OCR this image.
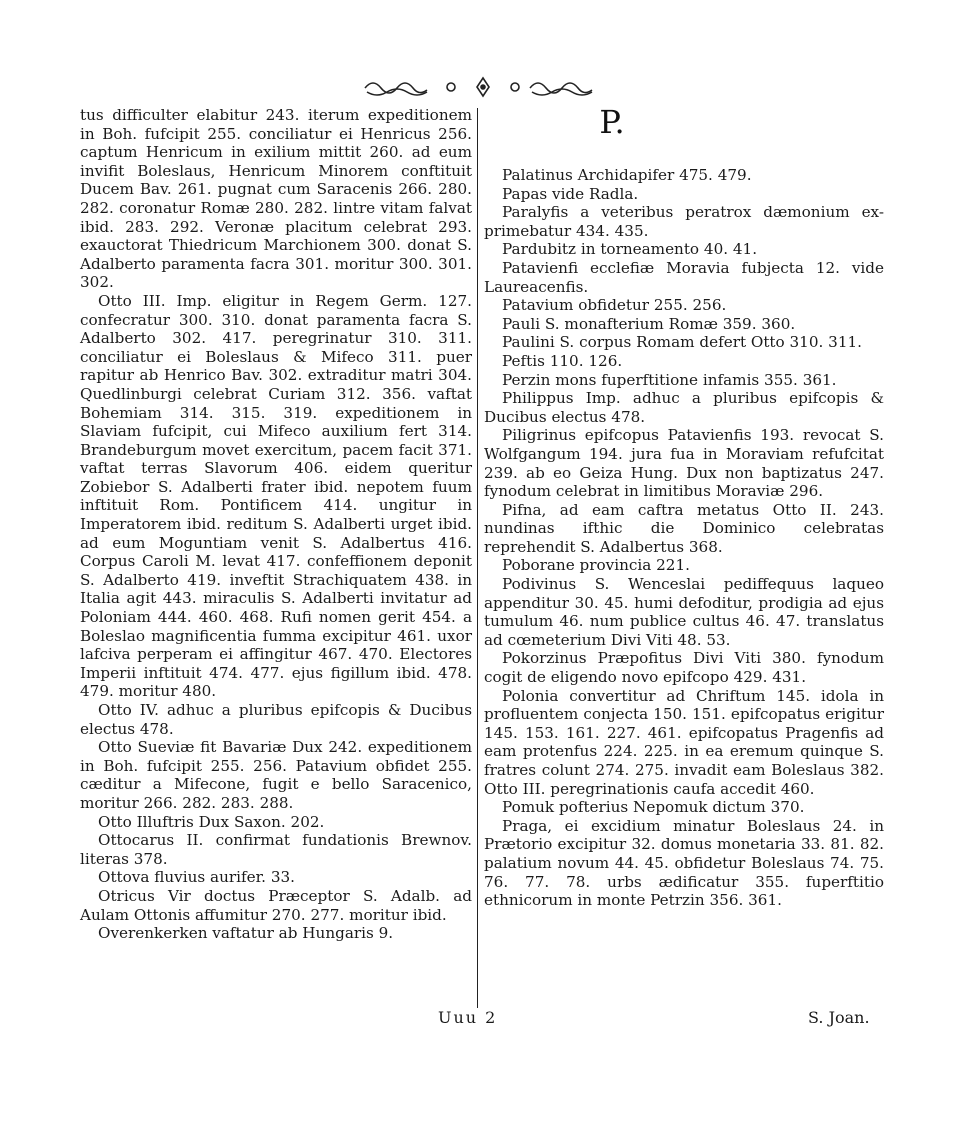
P.

tus difficulter elabitur 243. iterum expeditionem in Boh. fufcipit 255. conciliatur ei Henricus 256. captum Henricum in exilium mittit 260. ad eum invifit Boleslaus, Henricum Minorem conftituit Ducem Bav. 261. pugnat cum Saracenis 266. 280. 282. coronatur Romæ 280. 282. lintre vitam falvat ibid. 283. 292. Veronæ placitum celebrat 293. exauctorat Thiedricum Marchionem 300. donat S. Adalberto paramenta facra 301. moritur 300. 301. 302.

Otto III. Imp. eligitur in Regem Germ. 127. confecratur 300. 310. donat paramenta facra S. Adalberto 302. 417. peregrinatur 310. 311. conciliatur ei Boleslaus & Mifeco 311. puer rapitur ab Henrico Bav. 302. extraditur matri 304. Quedlinburgi celebrat Curiam 312. 356. vaftat Bohemiam 314. 315. 319. expeditionem in Slaviam fufcipit, cui Mifeco auxilium fert 314. Brandeburgum movet exercitum, pacem facit 371. vaftat terras Slavorum 406. eidem queritur Zobiebor S. Adalberti frater ibid. nepotem fuum inftituit Rom. Pontificem 414. ungitur in Imperatorem ibid. reditum S. Adalberti urget ibid. ad eum Moguntiam venit S. Adalbertus 416. Corpus Caroli M. levat 417. confeffionem deponit S. Adalberto 419. inveftit Strachiquatem 438. in Italia agit 443. miraculis S. Adalberti invitatur ad Poloniam 444. 460. 468. Rufi nomen gerit 454. a Boleslao magnificentia fumma excipitur 461. uxor lafciva perperam ei affingitur 467. 470. Electores Imperii inftituit 474. 477. ejus figillum ibid. 478. 479. moritur 480.

Otto IV. adhuc a pluribus epifcopis & Ducibus electus 478.

Otto Sueviæ fit Bavariæ Dux 242. expeditionem in Boh. fufcipit 255. 256. Patavium obfidet 255. cæditur a Mifecone, fugit e bello Saracenico, moritur 266. 282. 283. 288.

Otto Illuftris Dux Saxon. 202.

Ottocarus II. confirmat fundationis Brewnov. literas 378.

Ottova fluvius aurifer. 33.

Otricus Vir doctus Præceptor S. Adalb. ad Aulam Ottonis affumitur 270. 277. moritur ibid.

Overenkerken vaftatur ab Hungaris 9.

Palatinus Archidapifer 475. 479.

Papas vide Radla.

Paralyfis a veteribus peratrox dæmonium ex- primebatur 434. 435.

Pardubitz in torneamento 40. 41.

Patavienfi ecclefiæ Moravia fubjecta 12. vide Laureacenfis.

Patavium obfidetur 255. 256.

Pauli S. monafterium Romæ 359. 360.

Paulini S. corpus Romam defert Otto 310. 311.

Peftis 110. 126.

Perzin mons fuperftitione infamis 355. 361.

Philippus Imp. adhuc a pluribus epifcopis & Ducibus electus 478.

Piligrinus epifcopus Patavienfis 193. revocat S. Wolfgangum 194. jura fua in Moraviam refufcitat 239. ab eo Geiza Hung. Dux non baptizatus 247. fynodum celebrat in limitibus Moraviæ 296.

Pifna, ad eam caftra metatus Otto II. 243. nundinas ifthic die Dominico celebratas reprehendit S. Adalbertus 368.

Poborane provincia 221.

Podivinus S. Wenceslai pediffequus laqueo appenditur 30. 45. humi defoditur, prodigia ad ejus tumulum 46. num publice cultus 46. 47. translatus ad cœmeterium Divi Viti 48. 53.

Pokorzinus Præpofitus Divi Viti 380. fynodum cogit de eligendo novo epifcopo 429. 431.

Polonia convertitur ad Chriftum 145. idola in profluentem conjecta 150. 151. epifcopatus erigitur 145. 153. 161. 227. 461. epifcopatus Pragenfis ad eam protenfus 224. 225. in ea eremum quinque S. fratres colunt 274. 275. invadit eam Boleslaus 382. Otto III. peregrinationis caufa accedit 460.

Pomuk pofterius Nepomuk dictum 370.

Praga, ei excidium minatur Boleslaus 24. in Prætorio excipitur 32. domus monetaria 33. 81. 82. palatium novum 44. 45. obfidetur Boleslaus 74. 75. 76. 77. 78. urbs ædificatur 355. fuperftitio ethnicorum in monte Petrzin 356. 361.

Uuu 2	S. Joan.
